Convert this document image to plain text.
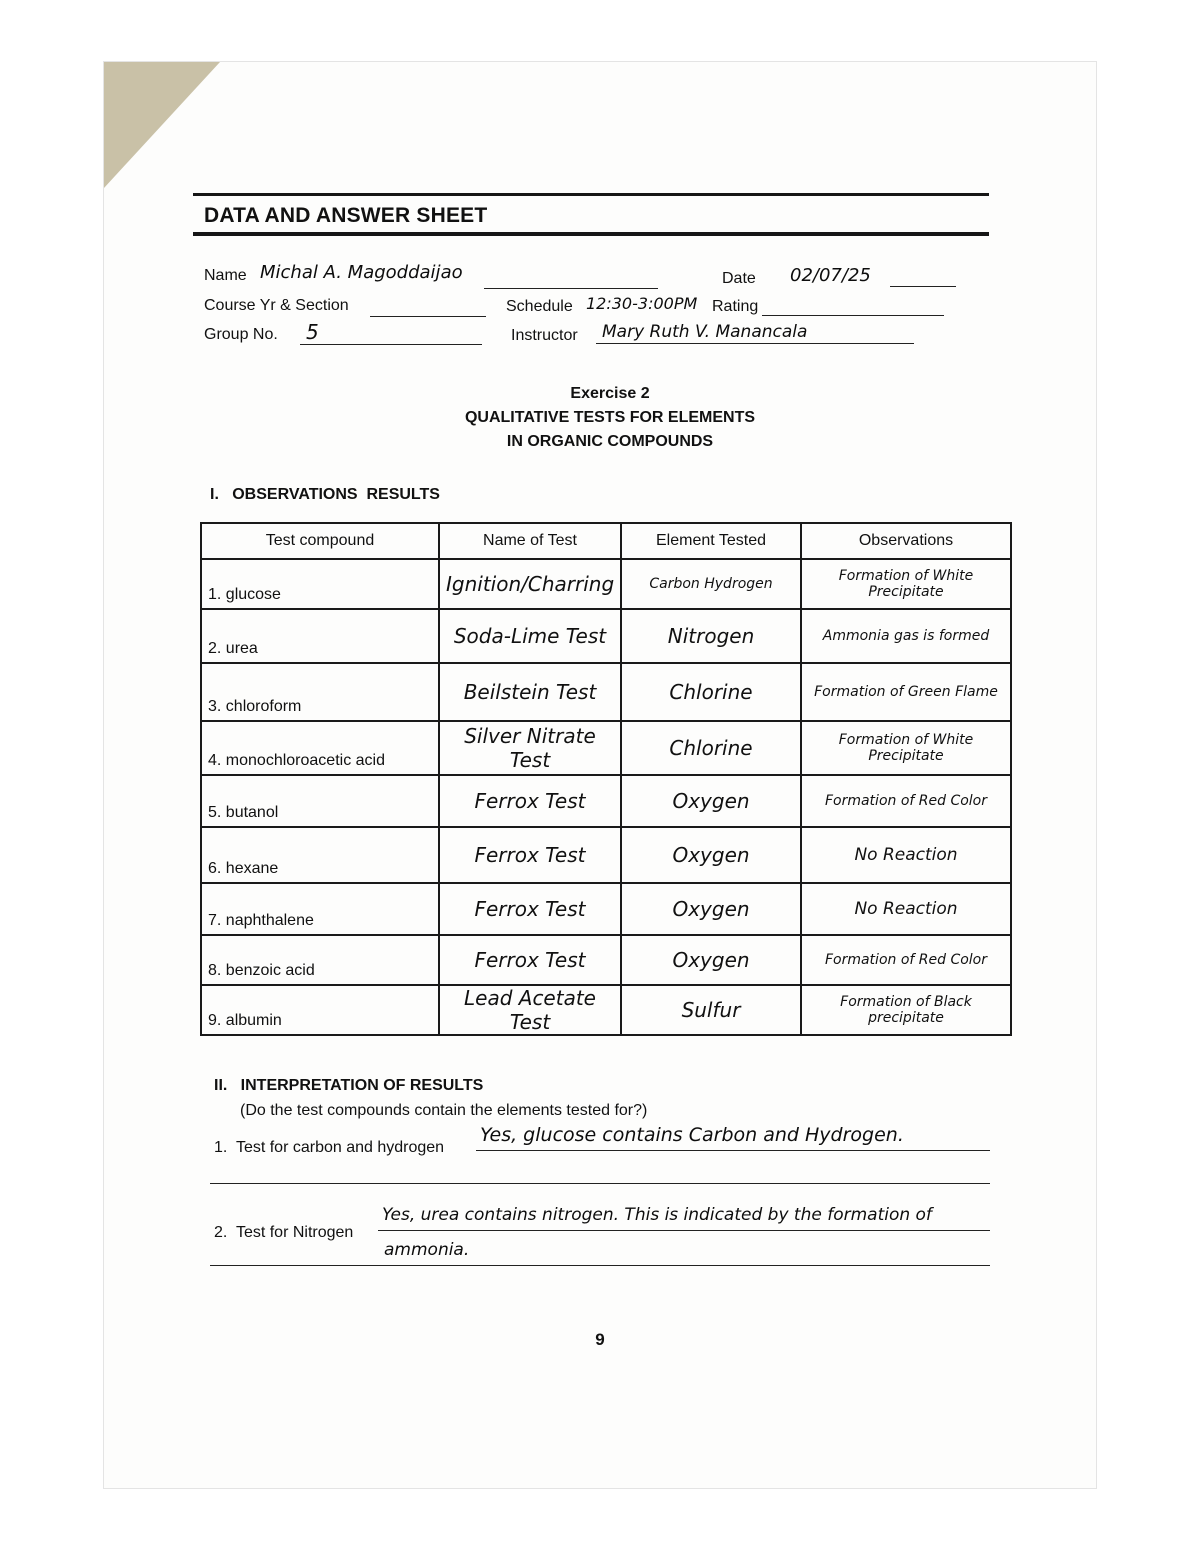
DATA AND ANSWER SHEET
Name Michal A. Magoddaijao	Date 02/07/25
Course Yr & Section	Schedule 12:30-3:00PM Rating
Group No. 5	Instructor Mary Ruth V. Manancala
Exercise 2
QUALITATIVE TESTS FOR ELEMENTS
IN ORGANIC COMPOUNDS
I.   OBSERVATIONS  RESULTS
Test compound	Name of Test	Element Tested	Observations
1. glucose	Ignition/Charring	Carbon Hydrogen	Formation of White Precipitate
2. urea	Soda-Lime Test	Nitrogen	Ammonia gas is formed
3. chloroform	Beilstein Test	Chlorine	Formation of Green Flame
4. monochloroacetic acid	Silver Nitrate Test	Chlorine	Formation of White Precipitate
5. butanol	Ferrox Test	Oxygen	Formation of Red Color
6. hexane	Ferrox Test	Oxygen	No Reaction
7. naphthalene	Ferrox Test	Oxygen	No Reaction
8. benzoic acid	Ferrox Test	Oxygen	Formation of Red Color
9. albumin	Lead Acetate Test	Sulfur	Formation of Black precipitate
II.   INTERPRETATION OF RESULTS
(Do the test compounds contain the elements tested for?)
1.  Test for carbon and hydrogen
Yes, glucose contains Carbon and Hydrogen.
2.  Test for Nitrogen
Yes, urea contains nitrogen. This is indicated by the formation of
ammonia.
9
